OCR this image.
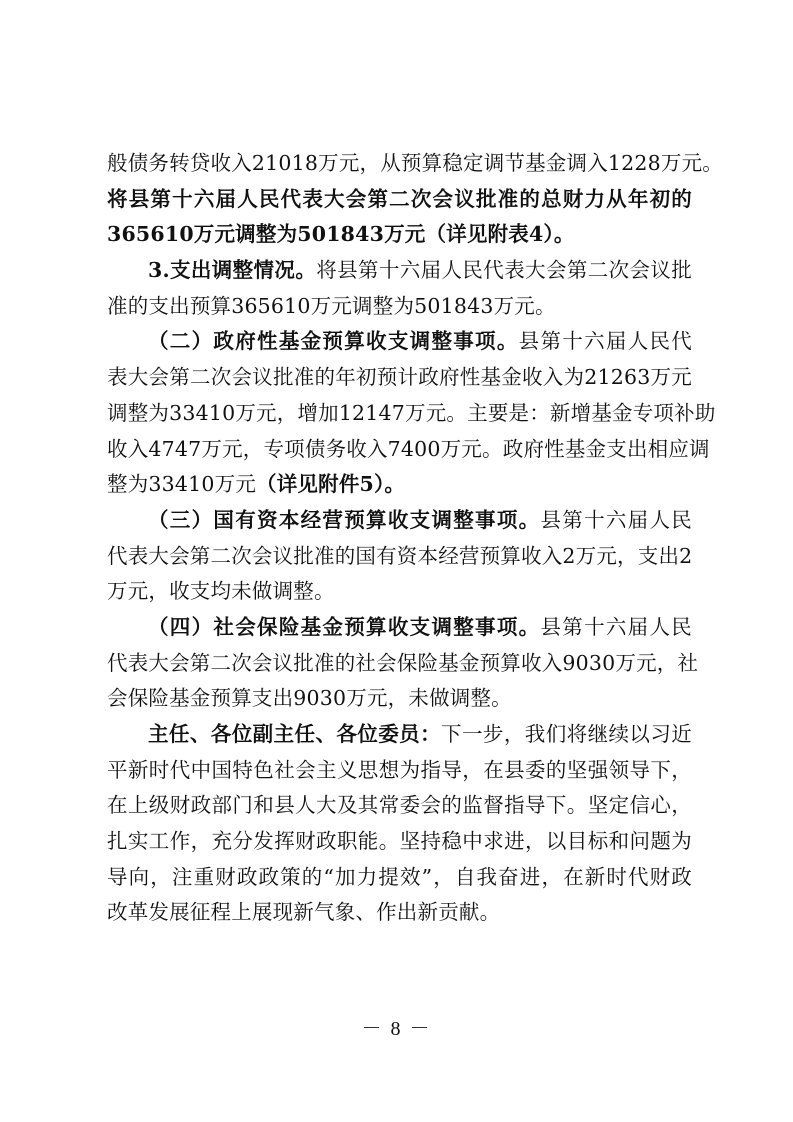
般债务转贷收入21018万元，从预算稳定调节基金调入1228万元。
将县第十六届人民代表大会第二次会议批准的总财力从年初的
365610万元调整为501843万元（详见附表4）。
3.支出调整情况。将县第十六届人民代表大会第二次会议批
准的支出预算365610万元调整为501843万元。
（二）政府性基金预算收支调整事项。县第十六届人民代
表大会第二次会议批准的年初预计政府性基金收入为21263万元
调整为33410万元，增加12147万元。主要是：新增基金专项补助
收入4747万元，专项债务收入7400万元。政府性基金支出相应调
整为33410万元（详见附件5）。
（三）国有资本经营预算收支调整事项。县第十六届人民
代表大会第二次会议批准的国有资本经营预算收入2万元，支出2
万元，收支均未做调整。
（四）社会保险基金预算收支调整事项。县第十六届人民
代表大会第二次会议批准的社会保险基金预算收入9030万元，社
会保险基金预算支出9030万元，未做调整。
主任、各位副主任、各位委员：下一步，我们将继续以习近
平新时代中国特色社会主义思想为指导，在县委的坚强领导下，
在上级财政部门和县人大及其常委会的监督指导下。坚定信心，
扎实工作，充分发挥财政职能。坚持稳中求进，以目标和问题为
导向，注重财政政策的“加力提效”，自我奋进，在新时代财政
改革发展征程上展现新气象、作出新贡献。
－ 8 －
